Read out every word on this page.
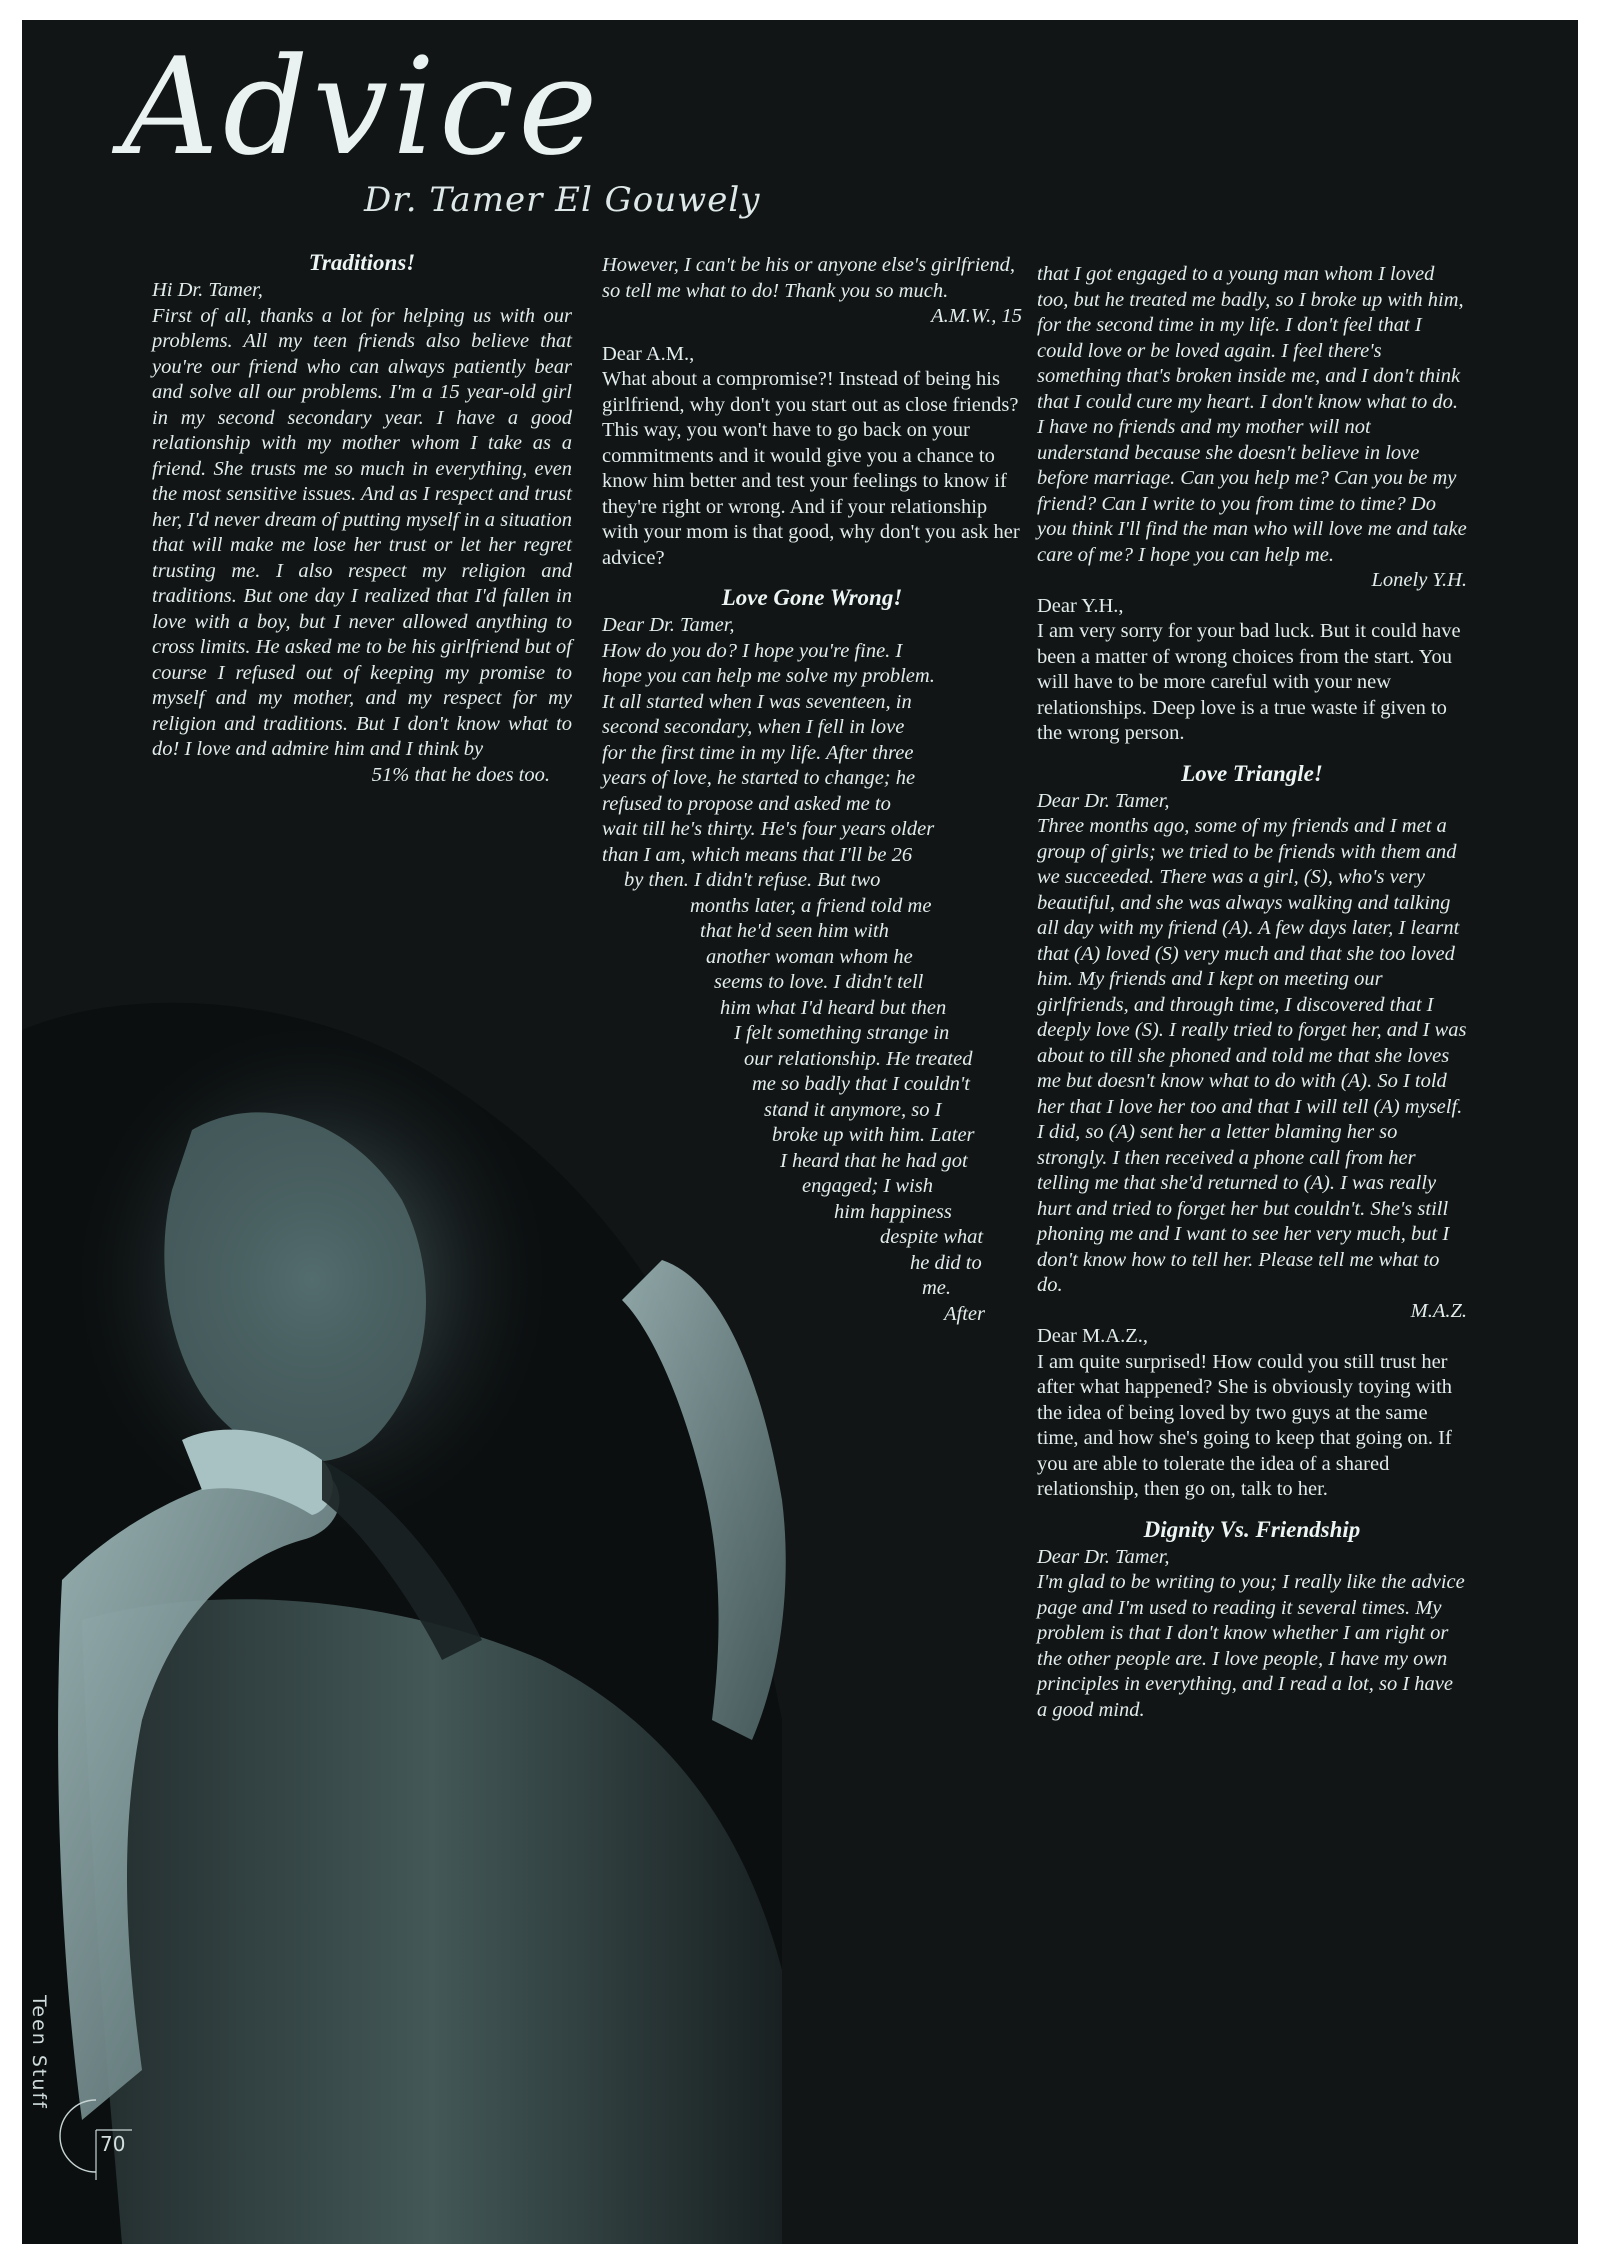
Advice
Dr. Tamer El Gouwely

Traditions!

Hi Dr. Tamer,

First of all, thanks a lot for helping us with our problems. All my teen friends also believe that you're our friend who can always patiently bear and solve all our problems. I'm a 15 year-old girl in my second secondary year. I have a good relationship with my mother whom I take as a friend. She trusts me so much in everything, even the most sensitive issues. And as I respect and trust her, I'd never dream of putting myself in a situation that will make me lose her trust or let her regret trusting me. I also respect my religion and traditions. But one day I realized that I'd fallen in love with a boy, but I never allowed anything to cross limits. He asked me to be his girlfriend but of course I refused out of keeping my promise to myself and my mother, and my respect for my religion and traditions. But I don't know what to do! I love and admire him and I think by

51% that he does too.

However, I can't be his or anyone else's girlfriend, so tell me what to do! Thank you so much.

A.M.W., 15

Dear A.M.,

What about a compromise?! Instead of being his girlfriend, why don't you start out as close friends? This way, you won't have to go back on your commitments and it would give you a chance to know him better and test your feelings to know if they're right or wrong. And if your relationship with your mom is that good, why don't you ask her advice?

Love Gone Wrong!

Dear Dr. Tamer,

How do you do? I hope you're fine. I
hope you can help me solve my problem.
It all started when I was seventeen, in
second secondary, when I fell in love
for the first time in my life. After three
years of love, he started to change; he
refused to propose and asked me to
wait till he's thirty. He's four years older
than I am, which means that I'll be 26
by then. I didn't refuse. But two
months later, a friend told me
that he'd seen him with
another woman whom he
seems to love. I didn't tell
him what I'd heard but then
I felt something strange in
our relationship. He treated
me so badly that I couldn't
stand it anymore, so I
broke up with him. Later
I heard that he had got
engaged; I wish
him happiness
despite what
he did to
me.
After

that I got engaged to a young man whom I loved too, but he treated me badly, so I broke up with him, for the second time in my life. I don't feel that I could love or be loved again. I feel there's something that's broken inside me, and I don't think that I could cure my heart. I don't know what to do. I have no friends and my mother will not understand because she doesn't believe in love before marriage. Can you help me? Can you be my friend? Can I write to you from time to time? Do you think I'll find the man who will love me and take care of me? I hope you can help me.

Lonely Y.H.

Dear Y.H.,

I am very sorry for your bad luck. But it could have been a matter of wrong choices from the start. You will have to be more careful with your new relationships. Deep love is a true waste if given to the wrong person.

Love Triangle!

Dear Dr. Tamer,

Three months ago, some of my friends and I met a group of girls; we tried to be friends with them and we succeeded. There was a girl, (S), who's very beautiful, and she was always walking and talking all day with my friend (A). A few days later, I learnt that (A) loved (S) very much and that she too loved him. My friends and I kept on meeting our girlfriends, and through time, I discovered that I deeply love (S). I really tried to forget her, and I was about to till she phoned and told me that she loves me but doesn't know what to do with (A). So I told her that I love her too and that I will tell (A) myself. I did, so (A) sent her a letter blaming her so strongly. I then received a phone call from her telling me that she'd returned to (A). I was really hurt and tried to forget her but couldn't. She's still phoning me and I want to see her very much, but I don't know how to tell her. Please tell me what to do.

M.A.Z.

Dear M.A.Z.,

I am quite surprised! How could you still trust her after what happened? She is obviously toying with the idea of being loved by two guys at the same time, and how she's going to keep that going on. If you are able to tolerate the idea of a shared relationship, then go on, talk to her.

Dignity Vs. Friendship

Dear Dr. Tamer,

I'm glad to be writing to you; I really like the advice page and I'm used to reading it several times. My problem is that I don't know whether I am right or the other people are. I love people, I have my own principles in everything, and I read a lot, so I have a good mind.

Teen Stuff
70
